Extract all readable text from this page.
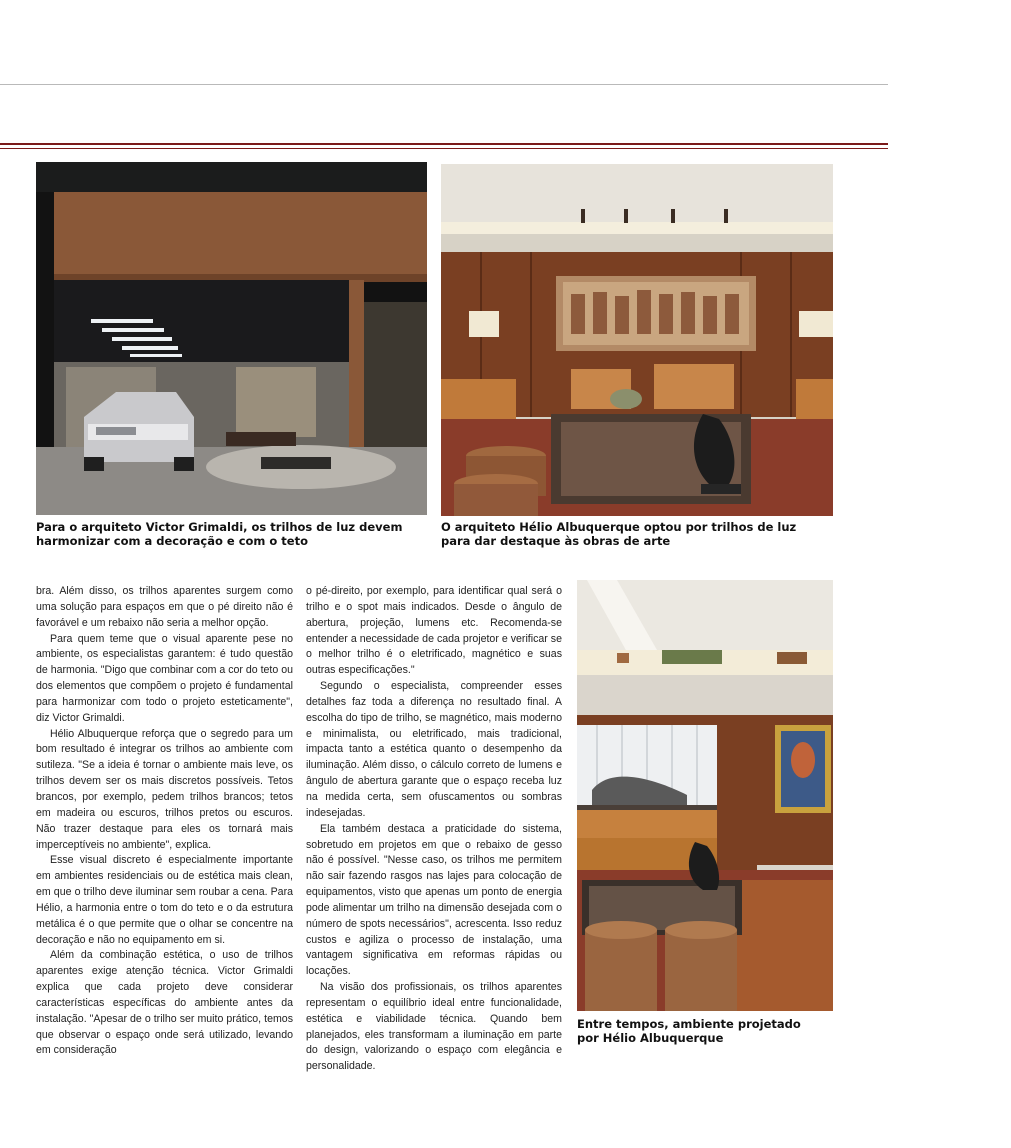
Para o arquiteto Victor Grimaldi, os trilhos de luz devem
harmonizar com a decoração e com o teto
O arquiteto Hélio Albuquerque optou por trilhos de luz
para dar destaque às obras de arte
Entre tempos, ambiente projetado
por Hélio Albuquerque

bra. Além disso, os trilhos aparentes surgem como uma solução para espaços em que o pé direito não é favorável e um rebaixo não seria a melhor opção.

Para quem teme que o visual aparente pese no ambiente, os especialistas garantem: é tudo questão de harmonia. "Digo que combinar com a cor do teto ou dos elementos que compõem o projeto é fundamental para harmonizar com todo o projeto esteticamente", diz Victor Grimaldi.

Hélio Albuquerque reforça que o segredo para um bom resultado é integrar os trilhos ao ambiente com sutileza. "Se a ideia é tornar o ambiente mais leve, os trilhos devem ser os mais discretos possíveis. Tetos brancos, por exemplo, pedem trilhos brancos; tetos em madeira ou escuros, trilhos pretos ou escuros. Não trazer destaque para eles os tornará mais imperceptíveis no ambiente", explica.

Esse visual discreto é especialmente importante em ambientes residenciais ou de estética mais clean, em que o trilho deve iluminar sem roubar a cena. Para Hélio, a harmonia entre o tom do teto e o da estrutura metálica é o que permite que o olhar se concentre na decoração e não no equipamento em si.

Além da combinação estética, o uso de trilhos aparentes exige atenção técnica. Victor Grimaldi explica que cada projeto deve considerar características específicas do ambiente antes da instalação. "Apesar de o trilho ser muito prático, temos que observar o espaço onde será utilizado, levando em consideração

o pé-direito, por exemplo, para identificar qual será o trilho e o spot mais indicados. Desde o ângulo de abertura, projeção, lumens etc. Recomenda-se entender a necessidade de cada projetor e verificar se o melhor trilho é o eletrificado, magnético e suas outras especificações."

Segundo o especialista, compreender esses detalhes faz toda a diferença no resultado final. A escolha do tipo de trilho, se magnético, mais moderno e minimalista, ou eletrificado, mais tradicional, impacta tanto a estética quanto o desempenho da iluminação. Além disso, o cálculo correto de lumens e ângulo de abertura garante que o espaço receba luz na medida certa, sem ofuscamentos ou sombras indesejadas.

Ela também destaca a praticidade do sistema, sobretudo em projetos em que o rebaixo de gesso não é possível. "Nesse caso, os trilhos me permitem não sair fazendo rasgos nas lajes para colocação de equipamentos, visto que apenas um ponto de energia pode alimentar um trilho na dimensão desejada com o número de spots necessários", acrescenta. Isso reduz custos e agiliza o processo de instalação, uma vantagem significativa em reformas rápidas ou locações.

Na visão dos profissionais, os trilhos aparentes representam o equilíbrio ideal entre funcionalidade, estética e viabilidade técnica. Quando bem planejados, eles transformam a iluminação em parte do design, valorizando o espaço com elegância e personalidade.
